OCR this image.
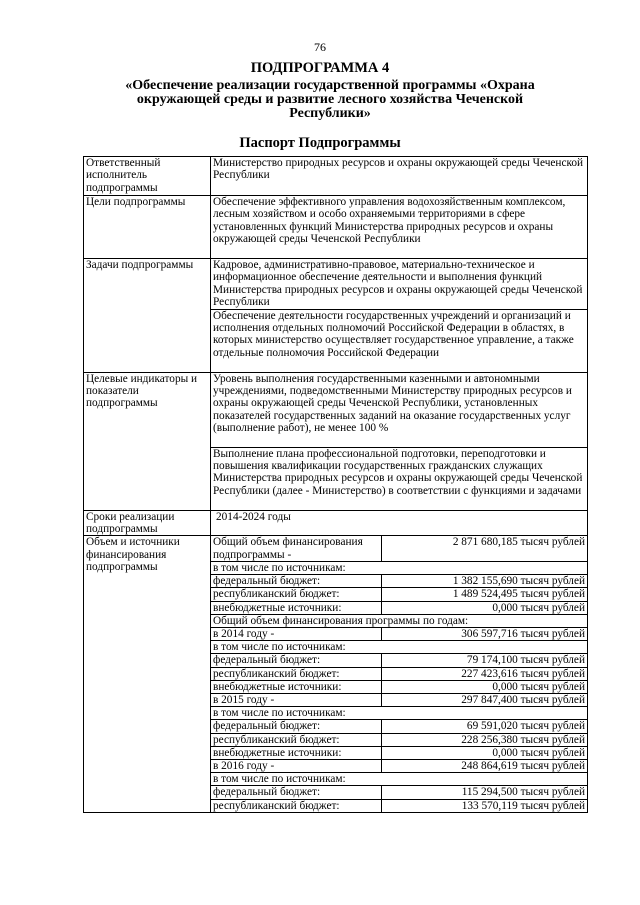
76
ПОДПРОГРАММА 4
«Обеспечение реализации государственной программы «Охрана окружающей среды и развитие лесного хозяйства Чеченской Республики»
Паспорт Подпрограммы
Ответственный исполнитель подпрограммы	Министерство природных ресурсов и охраны окружающей среды Чеченской Республики
Цели подпрограммы	Обеспечение эффективного управления водохозяйственным комплексом, лесным хозяйством и особо охраняемыми территориями в сфере установленных функций Министерства природных ресурсов и охраны окружающей среды Чеченской Республики
Задачи подпрограммы	Кадровое, административно-правовое, материально-техническое и информационное обеспечение деятельности и выполнения функций Министерства природных ресурсов и охраны окружающей среды Чеченской Республики
Обеспечение деятельности государственных учреждений и организаций и исполнения отдельных полномочий Российской Федерации в областях, в которых министерство осуществляет государственное управление, а также отдельные полномочия Российской Федерации
Целевые индикаторы и показатели подпрограммы	Уровень выполнения государственными казенными и автономными учреждениями, подведомственными Министерству природных ресурсов и охраны окружающей среды Чеченской Республики, установленных показателей государственных заданий на оказание государственных услуг (выполнение работ), не менее 100 %
Выполнение плана профессиональной подготовки, переподготовки и повышения квалификации государственных гражданских служащих Министерства природных ресурсов и охраны окружающей среды Чеченской Республики (далее - Министерство) в соответствии с функциями и задачами
Сроки реализации подпрограммы	2014-2024 годы
Объем и источники финансирования подпрограммы	
Общий объем финансирования подпрограммы -	2 871 680,185 тысяч рублей
в том числе по источникам:
федеральный бюджет:	1 382 155,690 тысяч рублей
республиканский бюджет:	1 489 524,495 тысяч рублей
внебюджетные источники:	0,000 тысяч рублей
Общий объем финансирования программы по годам:
в 2014 году -	306 597,716 тысяч рублей
в том числе по источникам:
федеральный бюджет:	79 174,100 тысяч рублей
республиканский бюджет:	227 423,616 тысяч рублей
внебюджетные источники:	0,000 тысяч рублей
в 2015 году -	297 847,400 тысяч рублей
в том числе по источникам:
федеральный бюджет:	69 591,020 тысяч рублей
республиканский бюджет:	228 256,380 тысяч рублей
внебюджетные источники:	0,000 тысяч рублей
в 2016 году -	248 864,619 тысяч рублей
в том числе по источникам:
федеральный бюджет:	115 294,500 тысяч рублей
республиканский бюджет:	133 570,119 тысяч рублей
